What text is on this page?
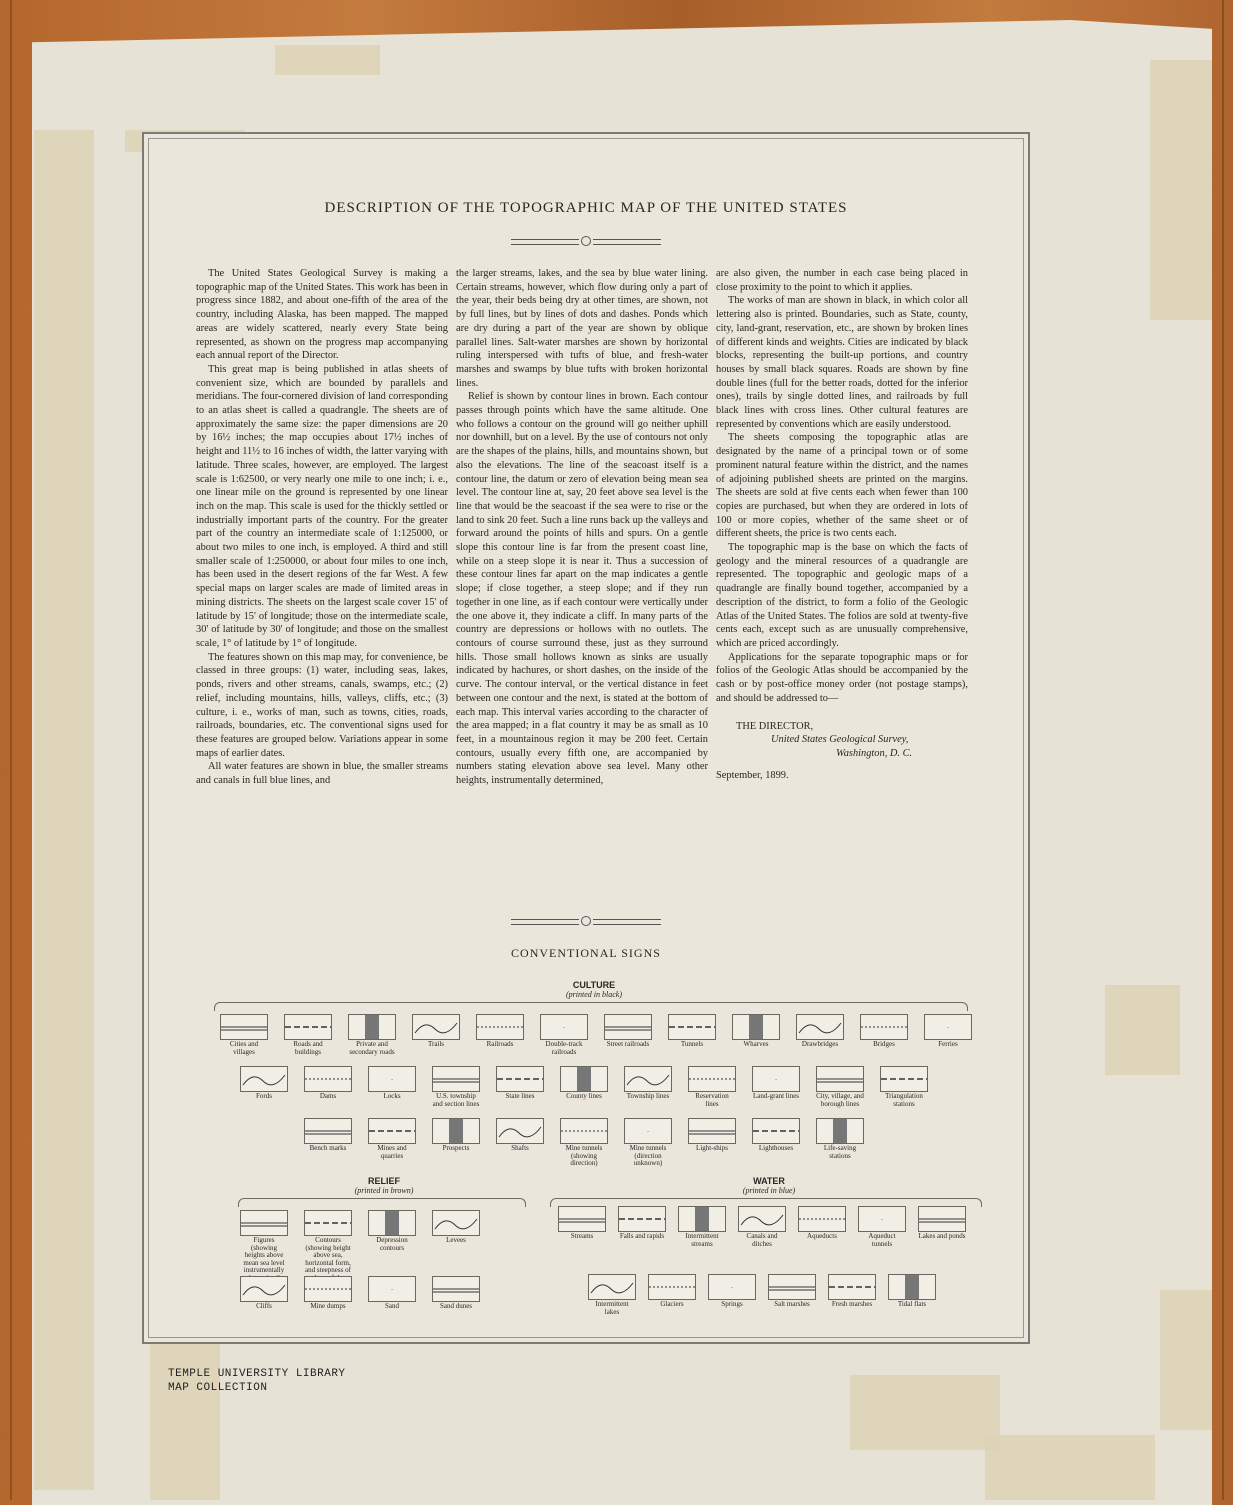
DESCRIPTION OF THE TOPOGRAPHIC MAP OF THE UNITED STATES

The United States Geological Survey is making a topographic map of the United States. This work has been in progress since 1882, and about one-fifth of the area of the country, including Alaska, has been mapped. The mapped areas are widely scattered, nearly every State being represented, as shown on the progress map accompanying each annual report of the Director.

This great map is being published in atlas sheets of convenient size, which are bounded by parallels and meridians. The four-cornered division of land corresponding to an atlas sheet is called a quadrangle. The sheets are of approximately the same size: the paper dimensions are 20 by 16½ inches; the map occupies about 17½ inches of height and 11½ to 16 inches of width, the latter varying with latitude. Three scales, however, are employed. The largest scale is 1:62500, or very nearly one mile to one inch; i. e., one linear mile on the ground is represented by one linear inch on the map. This scale is used for the thickly settled or industrially important parts of the country. For the greater part of the country an intermediate scale of 1:125000, or about two miles to one inch, is employed. A third and still smaller scale of 1:250000, or about four miles to one inch, has been used in the desert regions of the far West. A few special maps on larger scales are made of limited areas in mining districts. The sheets on the largest scale cover 15' of latitude by 15' of longitude; those on the intermediate scale, 30' of latitude by 30' of longitude; and those on the smallest scale, 1° of latitude by 1° of longitude.

The features shown on this map may, for convenience, be classed in three groups: (1) water, including seas, lakes, ponds, rivers and other streams, canals, swamps, etc.; (2) relief, including mountains, hills, valleys, cliffs, etc.; (3) culture, i. e., works of man, such as towns, cities, roads, railroads, boundaries, etc. The conventional signs used for these features are grouped below. Variations appear in some maps of earlier dates.

All water features are shown in blue, the smaller streams and canals in full blue lines, and

the larger streams, lakes, and the sea by blue water lining. Certain streams, however, which flow during only a part of the year, their beds being dry at other times, are shown, not by full lines, but by lines of dots and dashes. Ponds which are dry during a part of the year are shown by oblique parallel lines. Salt-water marshes are shown by horizontal ruling interspersed with tufts of blue, and fresh-water marshes and swamps by blue tufts with broken horizontal lines.

Relief is shown by contour lines in brown. Each contour passes through points which have the same altitude. One who follows a contour on the ground will go neither uphill nor downhill, but on a level. By the use of contours not only are the shapes of the plains, hills, and mountains shown, but also the elevations. The line of the seacoast itself is a contour line, the datum or zero of elevation being mean sea level. The contour line at, say, 20 feet above sea level is the line that would be the seacoast if the sea were to rise or the land to sink 20 feet. Such a line runs back up the valleys and forward around the points of hills and spurs. On a gentle slope this contour line is far from the present coast line, while on a steep slope it is near it. Thus a succession of these contour lines far apart on the map indicates a gentle slope; if close together, a steep slope; and if they run together in one line, as if each contour were vertically under the one above it, they indicate a cliff. In many parts of the country are depressions or hollows with no outlets. The contours of course surround these, just as they surround hills. Those small hollows known as sinks are usually indicated by hachures, or short dashes, on the inside of the curve. The contour interval, or the vertical distance in feet between one contour and the next, is stated at the bottom of each map. This interval varies according to the character of the area mapped; in a flat country it may be as small as 10 feet, in a mountainous region it may be 200 feet. Certain contours, usually every fifth one, are accompanied by numbers stating elevation above sea level. Many other heights, instrumentally determined,

are also given, the number in each case being placed in close proximity to the point to which it applies.

The works of man are shown in black, in which color all lettering also is printed. Boundaries, such as State, county, city, land-grant, reservation, etc., are shown by broken lines of different kinds and weights. Cities are indicated by black blocks, representing the built-up portions, and country houses by small black squares. Roads are shown by fine double lines (full for the better roads, dotted for the inferior ones), trails by single dotted lines, and railroads by full black lines with cross lines. Other cultural features are represented by conventions which are easily understood.

The sheets composing the topographic atlas are designated by the name of a principal town or of some prominent natural feature within the district, and the names of adjoining published sheets are printed on the margins. The sheets are sold at five cents each when fewer than 100 copies are purchased, but when they are ordered in lots of 100 or more copies, whether of the same sheet or of different sheets, the price is two cents each.

The topographic map is the base on which the facts of geology and the mineral resources of a quadrangle are represented. The topographic and geologic maps of a quadrangle are finally bound together, accompanied by a description of the district, to form a folio of the Geologic Atlas of the United States. The folios are sold at twenty-five cents each, except such as are unusually comprehensive, which are priced accordingly.

Applications for the separate topographic maps or for folios of the Geologic Atlas should be accompanied by the cash or by post-office money order (not postage stamps), and should be addressed to—

THE DIRECTOR,
United States Geological Survey,
Washington, D. C.
September, 1899.
CONVENTIONAL SIGNS
CULTURE
(printed in black)
Cities and villages
Roads and buildings
Private and secondary roads
Trails	Railroads
·
Double-track railroads
Street railroads	Tunnels	Wharves	Drawbridges	Bridges
·
Ferries
Fords	Dams
·
Locks	U.S. township and section lines
State lines	County lines	Township lines	Reservation lines
·
Land-grant lines City, village, and borough lines
Triangulation stations
Bench marks	Mines and quarries
Prospects	Shafts	Mine tunnels (showing direction)
·
Mine tunnels (direction unknown)
Light-ships	Lighthouses	Life-saving stations
RELIEF
(printed in brown)
Figures (showing heights above mean sea level instrumentally
Contours (showing height above sea, horizontal form, and steepness of
Depression contours
Levees
Cliffs	Mine dumps
·
Sand	Sand dunes
WATER
(printed in blue)
Streams	Falls and rapids	Intermittent streams
Canals and ditches
Aqueducts
·
Aqueduct tunnels
Lakes and ponds
Intermittent lakes
Glaciers
·
Springs	Salt marshes	Fresh marshes	Tidal flats
TEMPLE UNIVERSITY LIBRARY
MAP COLLECTION
